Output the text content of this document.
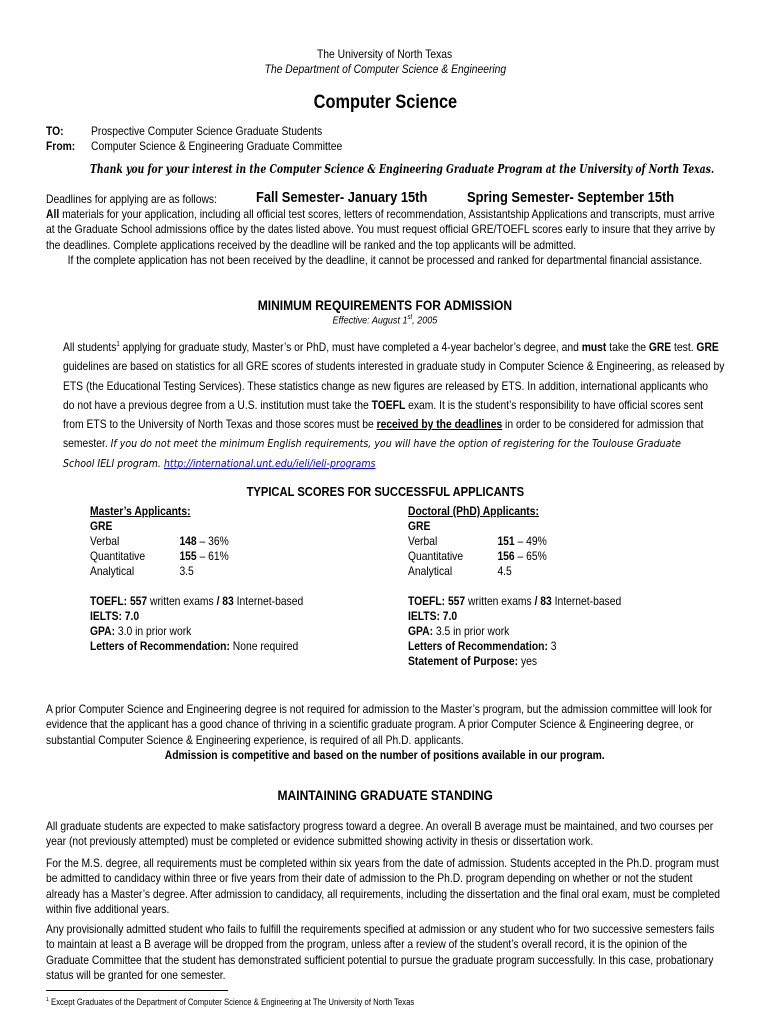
The University of North Texas
The Department of Computer Science & Engineering
Computer Science
TO: Prospective Computer Science Graduate Students
From: Computer Science & Engineering Graduate Committee
Thank you for your interest in the Computer Science & Engineering Graduate Program at the University of North Texas.
Deadlines for applying are as follows:	Fall Semester- January 15th	Spring Semester- September 15th
All materials for your application, including all official test scores, letters of recommendation, Assistantship Applications and transcripts, must arrive
at the Graduate School admissions office by the dates listed above. You must request official GRE/TOEFL scores early to insure that they arrive by
the deadlines. Complete applications received by the deadline will be ranked and the top applicants will be admitted.
If the complete application has not been received by the deadline, it cannot be processed and ranked for departmental financial assistance.
MINIMUM REQUIREMENTS FOR ADMISSION
Effective: August 1st, 2005
All students$^1$ applying for graduate study, Master’s or PhD, must have completed a 4-year bachelor’s degree, and must take the GRE test. GRE
guidelines are based on statistics for all GRE scores of students interested in graduate study in Computer Science & Engineering, as released by
ETS (the Educational Testing Services). These statistics change as new figures are released by ETS. In addition, international applicants who
do not have a previous degree from a U.S. institution must take the TOEFL exam. It is the student’s responsibility to have official scores sent
from ETS to the University of North Texas and those scores must be received by the deadlines in order to be considered for admission that
semester. If you do not meet the minimum English requirements, you will have the option of registering for the Toulouse Graduate
School IELI program. http://international.unt.edu/ieli/ieli-programs
TYPICAL SCORES FOR SUCCESSFUL APPLICANTS
Master’s Applicants:
GRE
Verbal	148 – 36%
Quantitative	155 – 61%
Analytical	3.5
TOEFL: 557 written exams / 83 Internet-based
IELTS: 7.0
GPA: 3.0 in prior work
Letters of Recommendation: None required
Doctoral (PhD) Applicants:
GRE
Verbal	151 – 49%
Quantitative	156 – 65%
Analytical	4.5
TOEFL: 557 written exams / 83 Internet-based
IELTS: 7.0
GPA: 3.5 in prior work
Letters of Recommendation: 3
Statement of Purpose: yes
A prior Computer Science and Engineering degree is not required for admission to the Master’s program, but the admission committee will look for
evidence that the applicant has a good chance of thriving in a scientific graduate program. A prior Computer Science & Engineering degree, or
substantial Computer Science & Engineering experience, is required of all Ph.D. applicants.
Admission is competitive and based on the number of positions available in our program.
MAINTAINING GRADUATE STANDING
All graduate students are expected to make satisfactory progress toward a degree. An overall B average must be maintained, and two courses per
year (not previously attempted) must be completed or evidence submitted showing activity in thesis or dissertation work.
For the M.S. degree, all requirements must be completed within six years from the date of admission. Students accepted in the Ph.D. program must
be admitted to candidacy within three or five years from their date of admission to the Ph.D. program depending on whether or not the student
already has a Master’s degree. After admission to candidacy, all requirements, including the dissertation and the final oral exam, must be completed
within five additional years.
Any provisionally admitted student who fails to fulfill the requirements specified at admission or any student who for two successive semesters fails
to maintain at least a B average will be dropped from the program, unless after a review of the student’s overall record, it is the opinion of the
Graduate Committee that the student has demonstrated sufficient potential to pursue the graduate program successfully. In this case, probationary
status will be granted for one semester.
$^1$ Except Graduates of the Department of Computer Science & Engineering at The University of North Texas
